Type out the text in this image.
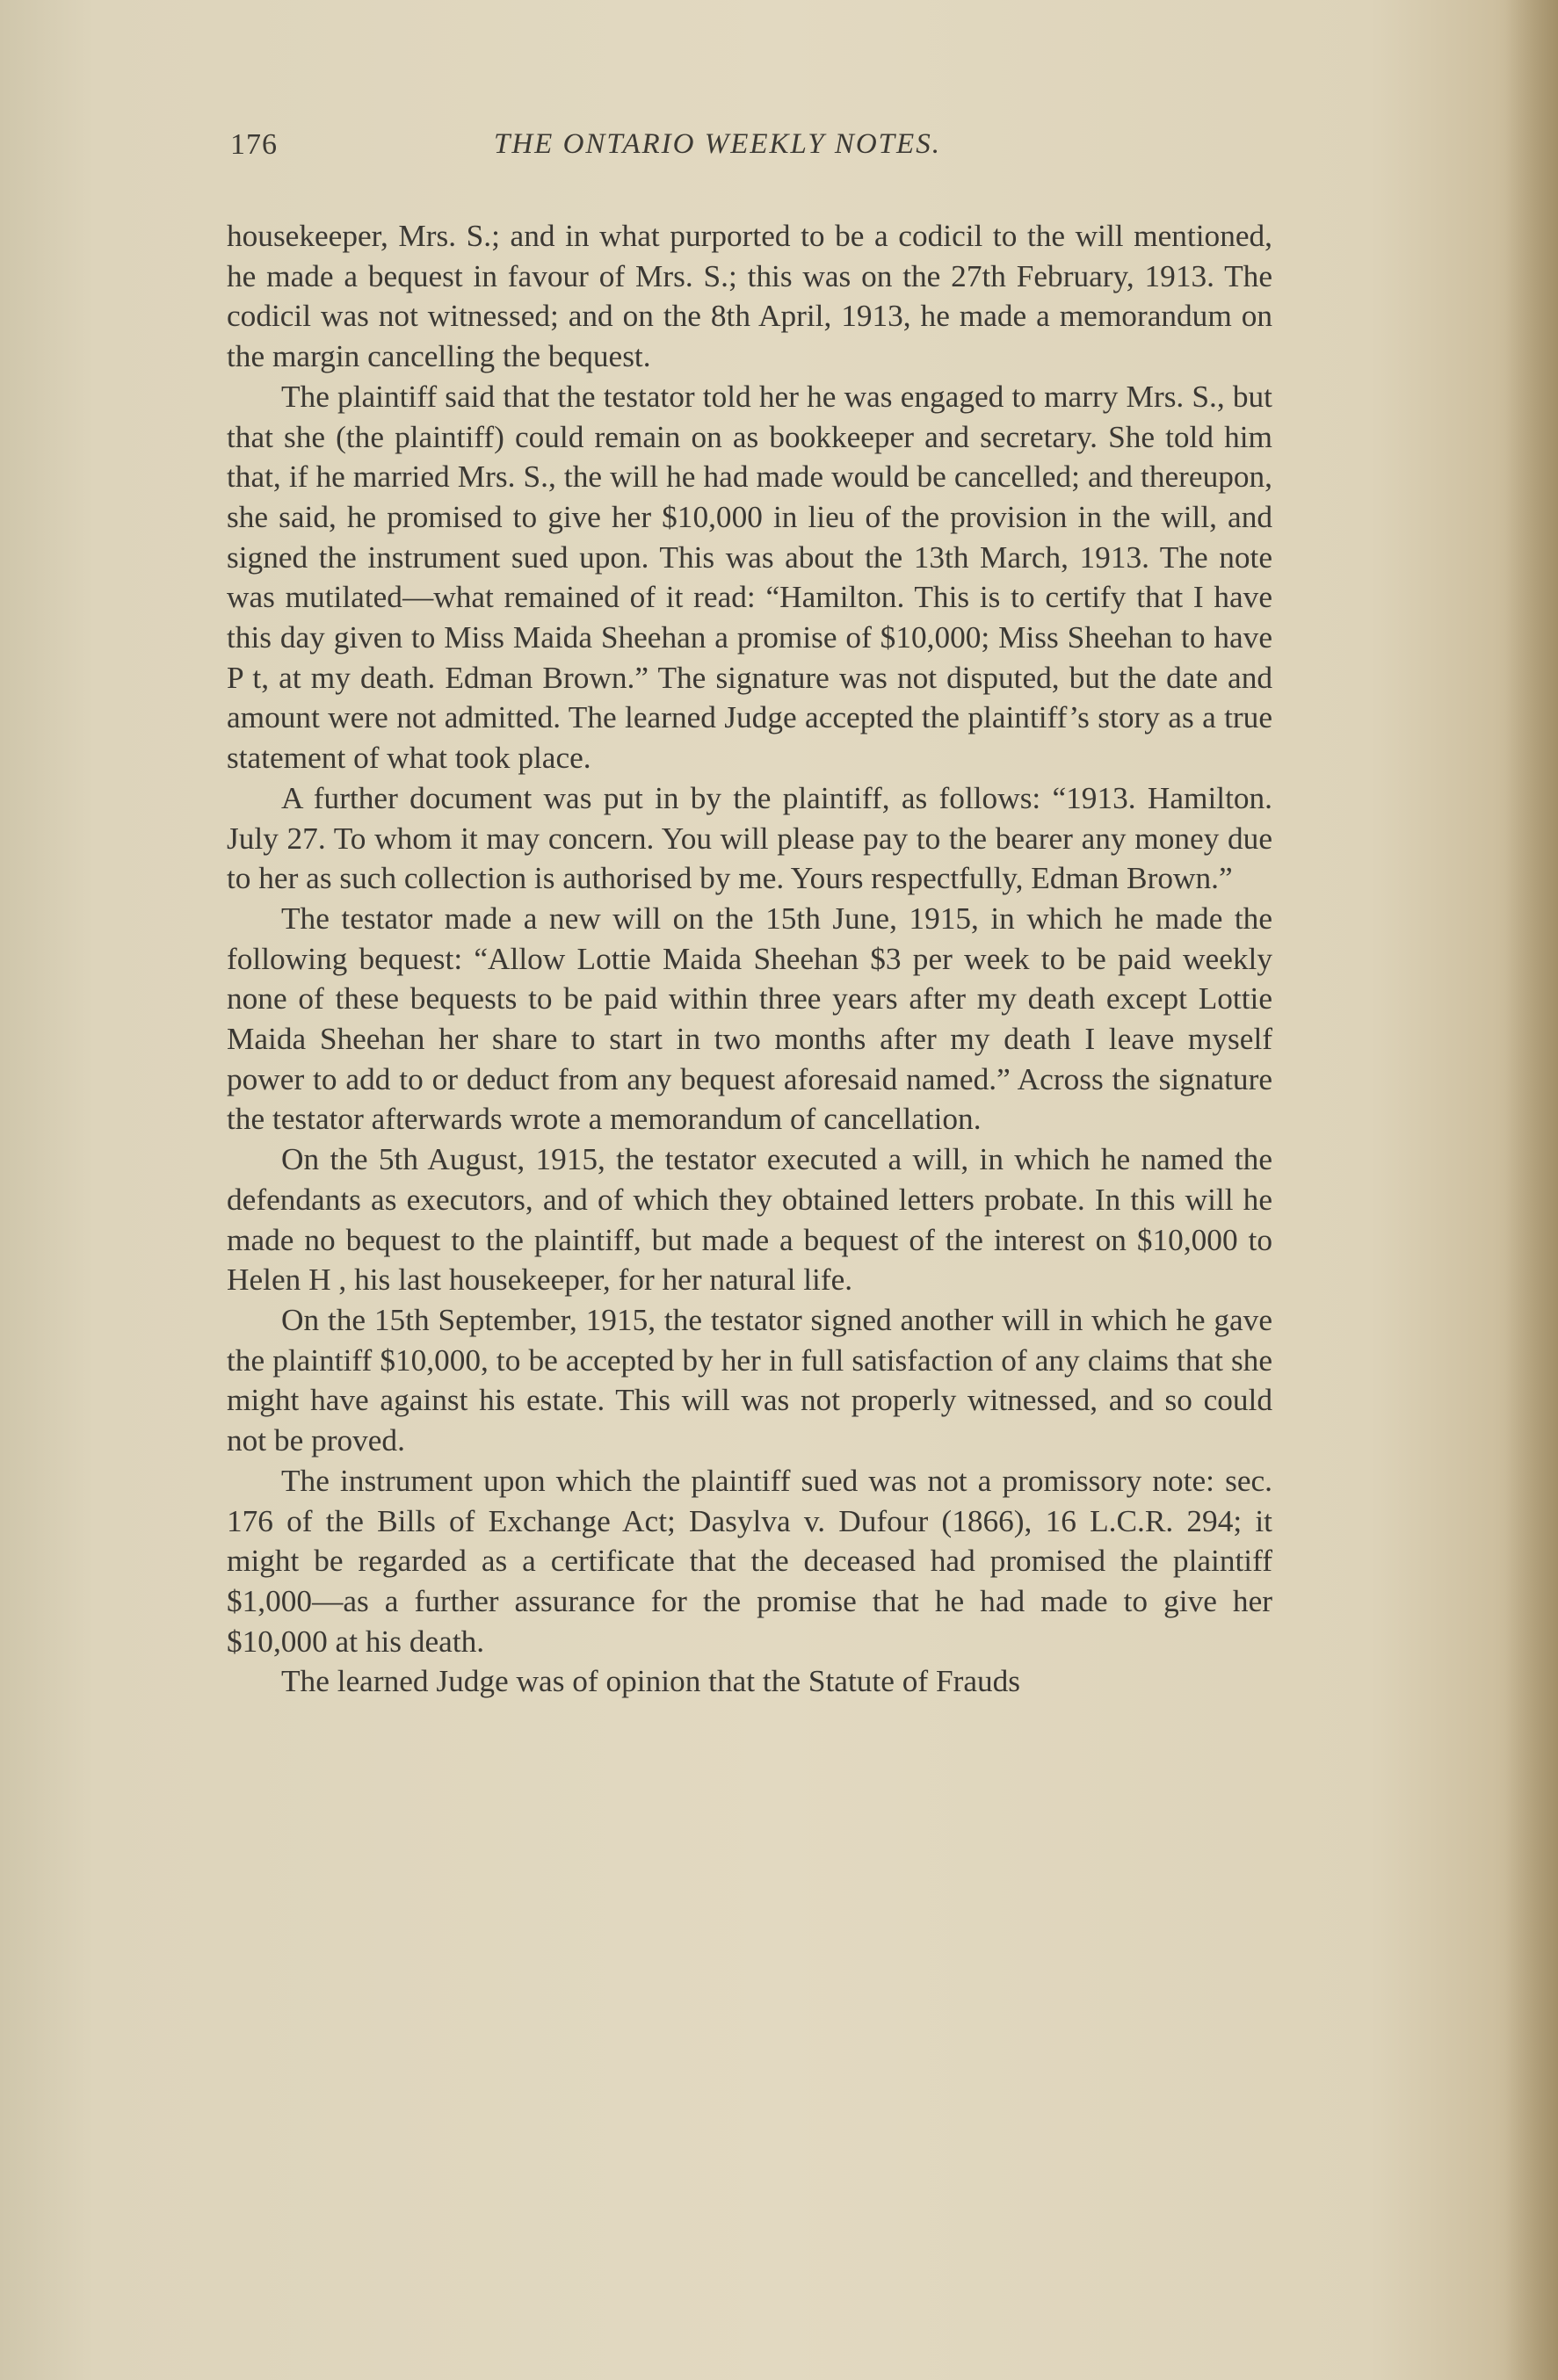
176	THE ONTARIO WEEKLY NOTES.

housekeeper, Mrs. S.; and in what purported to be a codicil to the will mentioned, he made a bequest in favour of Mrs. S.; this was on the 27th February, 1913. The codicil was not witnessed; and on the 8th April, 1913, he made a memorandum on the margin cancelling the bequest.

The plaintiff said that the testator told her he was engaged to marry Mrs. S., but that she (the plaintiff) could remain on as bookkeeper and secretary. She told him that, if he married Mrs. S., the will he had made would be cancelled; and thereupon, she said, he promised to give her $10,000 in lieu of the provision in the will, and signed the instrument sued upon. This was about the 13th March, 1913. The note was mutilated—what remained of it read: “Hamilton. This is to certify that I have this day given to Miss Maida Sheehan a promise of $10,000; Miss Sheehan to have P t, at my death. Edman Brown.” The signature was not disputed, but the date and amount were not admitted. The learned Judge accepted the plaintiff’s story as a true statement of what took place.

A further document was put in by the plaintiff, as follows: “1913. Hamilton. July 27. To whom it may concern. You will please pay to the bearer any money due to her as such collection is authorised by me. Yours respectfully, Edman Brown.”

The testator made a new will on the 15th June, 1915, in which he made the following bequest: “Allow Lottie Maida Sheehan $3 per week to be paid weekly none of these bequests to be paid within three years after my death except Lottie Maida Sheehan her share to start in two months after my death I leave myself power to add to or deduct from any bequest aforesaid named.” Across the signature the testator afterwards wrote a memorandum of cancellation.

On the 5th August, 1915, the testator executed a will, in which he named the defendants as executors, and of which they obtained letters probate. In this will he made no bequest to the plaintiff, but made a bequest of the interest on $10,000 to Helen H , his last housekeeper, for her natural life.

On the 15th September, 1915, the testator signed another will in which he gave the plaintiff $10,000, to be accepted by her in full satisfaction of any claims that she might have against his estate. This will was not properly witnessed, and so could not be proved.

The instrument upon which the plaintiff sued was not a promissory note: sec. 176 of the Bills of Exchange Act; Dasylva v. Dufour (1866), 16 L.C.R. 294; it might be regarded as a certificate that the deceased had promised the plaintiff $1,000—as a further assurance for the promise that he had made to give her $10,000 at his death.

The learned Judge was of opinion that the Statute of Frauds
